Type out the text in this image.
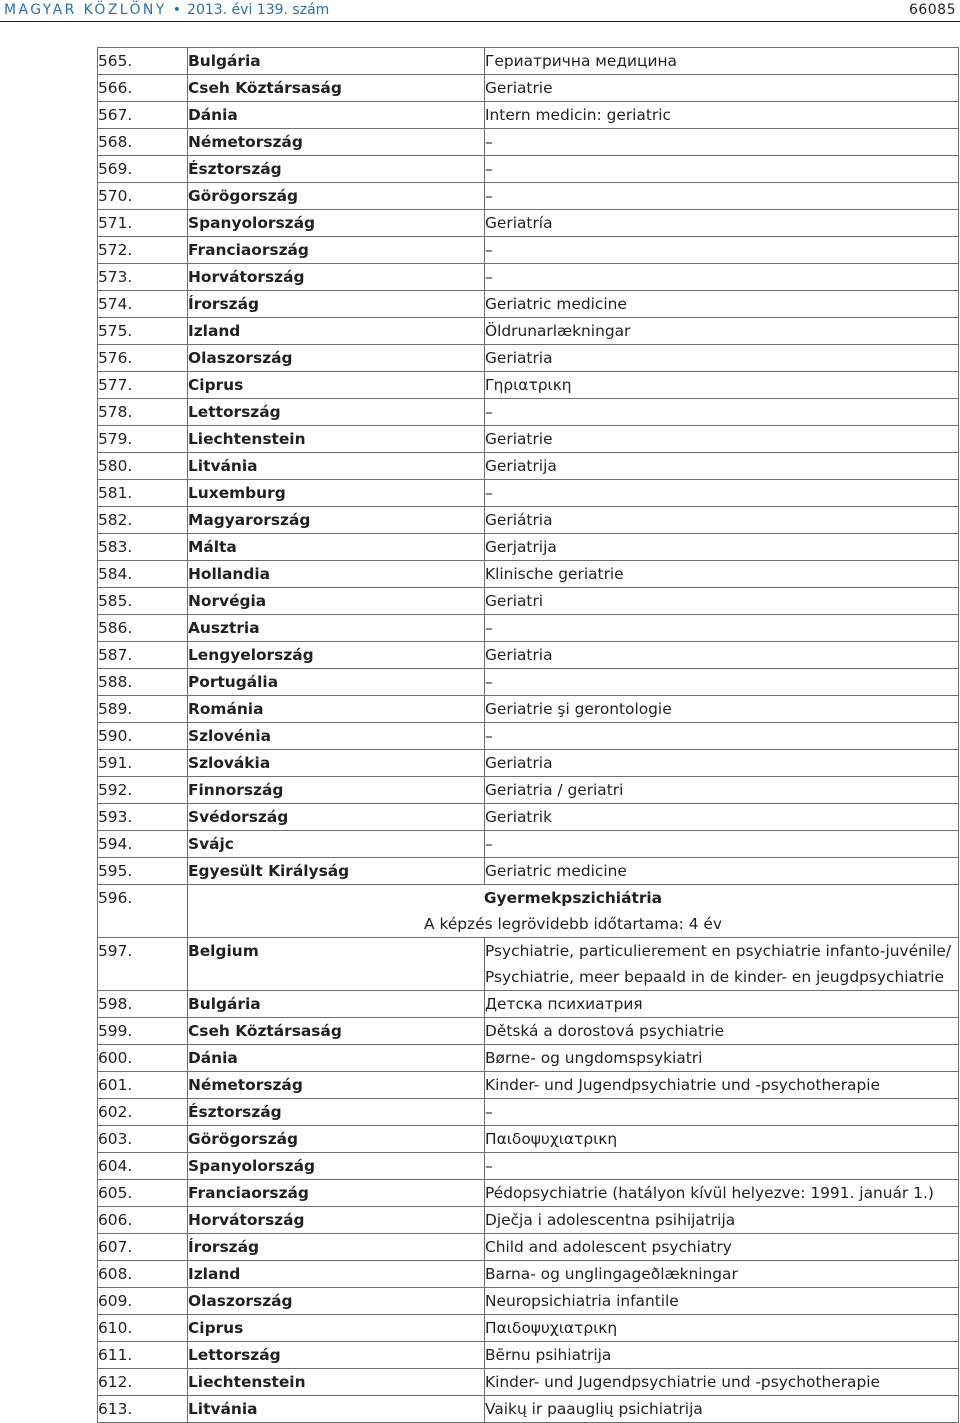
MAGYAR KÖZLÖNY • 2013. évi 139. szám	66085
565.	Bulgária	Гериатрична медицина
566.	Cseh Köztársaság	Geriatrie
567.	Dánia	Intern medicin: geriatric
568.	Németország	–
569.	Észtország	–
570.	Görögország	–
571.	Spanyolország	Geriatría
572.	Franciaország	–
573.	Horvátország	–
574.	Írország	Geriatric medicine
575.	Izland	Öldrunarlækningar
576.	Olaszország	Geriatria
577.	Ciprus	Γηριατρικη
578.	Lettország	–
579.	Liechtenstein	Geriatrie
580.	Litvánia	Geriatrija
581.	Luxemburg	–
582.	Magyarország	Geriátria
583.	Málta	Gerjatrija
584.	Hollandia	Klinische geriatrie
585.	Norvégia	Geriatri
586.	Ausztria	–
587.	Lengyelország	Geriatria
588.	Portugália	–
589.	Románia	Geriatrie şi gerontologie
590.	Szlovénia	–
591.	Szlovákia	Geriatria
592.	Finnország	Geriatria / geriatri
593.	Svédország	Geriatrik
594.	Svájc	–
595.	Egyesült Királyság	Geriatric medicine
596.	Gyermekpszichiátria
A képzés legrövidebb időtartama: 4 év	

597.	Belgium	Psychiatrie, particulierement en psychiatrie infanto-juvénile/
Psychiatrie, meer bepaald in de kinder- en jeugdpsychiatrie

598.	Bulgária	Детска психиатрия
599.	Cseh Köztársaság	Dětská a dorostová psychiatrie
600.	Dánia	Børne- og ungdomspsykiatri
601.	Németország	Kinder- und Jugendpsychiatrie und -psychotherapie
602.	Észtország	–
603.	Görögország	Παιδοψυχιατρικη
604.	Spanyolország	–
605.	Franciaország	Pédopsychiatrie (hatályon kívül helyezve: 1991. január 1.)
606.	Horvátország	Dječja i adolescentna psihijatrija
607.	Írország	Child and adolescent psychiatry
608.	Izland	Barna- og unglingageðlækningar
609.	Olaszország	Neuropsichiatria infantile
610.	Ciprus	Παιδοψυχιατρικη
611.	Lettország	Bērnu psihiatrija
612.	Liechtenstein	Kinder- und Jugendpsychiatrie und -psychotherapie
613.	Litvánia	Vaikų ir paauglių psichiatrija
